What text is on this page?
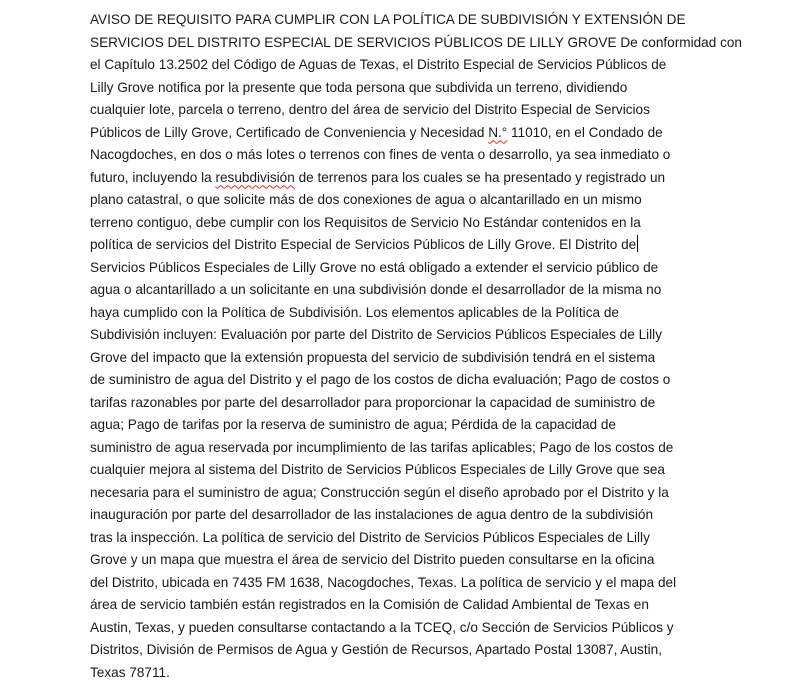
AVISO DE REQUISITO PARA CUMPLIR CON LA POLÍTICA DE SUBDIVISIÓN Y EXTENSIÓN DE
SERVICIOS DEL DISTRITO ESPECIAL DE SERVICIOS PÚBLICOS DE LILLY GROVE De conformidad con
el Capítulo 13.2502 del Código de Aguas de Texas, el Distrito Especial de Servicios Públicos de
Lilly Grove notifica por la presente que toda persona que subdivida un terreno, dividiendo
cualquier lote, parcela o terreno, dentro del área de servicio del Distrito Especial de Servicios
Públicos de Lilly Grove, Certificado de Conveniencia y Necesidad N.° 11010, en el Condado de
Nacogdoches, en dos o más lotes o terrenos con fines de venta o desarrollo, ya sea inmediato o
futuro, incluyendo la resubdivisión de terrenos para los cuales se ha presentado y registrado un
plano catastral, o que solicite más de dos conexiones de agua o alcantarillado en un mismo
terreno contiguo, debe cumplir con los Requisitos de Servicio No Estándar contenidos en la
política de servicios del Distrito Especial de Servicios Públicos de Lilly Grove. El Distrito de
Servicios Públicos Especiales de Lilly Grove no está obligado a extender el servicio público de
agua o alcantarillado a un solicitante en una subdivisión donde el desarrollador de la misma no
haya cumplido con la Política de Subdivisión. Los elementos aplicables de la Política de
Subdivisión incluyen: Evaluación por parte del Distrito de Servicios Públicos Especiales de Lilly
Grove del impacto que la extensión propuesta del servicio de subdivisión tendrá en el sistema
de suministro de agua del Distrito y el pago de los costos de dicha evaluación; Pago de costos o
tarifas razonables por parte del desarrollador para proporcionar la capacidad de suministro de
agua; Pago de tarifas por la reserva de suministro de agua; Pérdida de la capacidad de
suministro de agua reservada por incumplimiento de las tarifas aplicables; Pago de los costos de
cualquier mejora al sistema del Distrito de Servicios Públicos Especiales de Lilly Grove que sea
necesaria para el suministro de agua; Construcción según el diseño aprobado por el Distrito y la
inauguración por parte del desarrollador de las instalaciones de agua dentro de la subdivisión
tras la inspección. La política de servicio del Distrito de Servicios Públicos Especiales de Lilly
Grove y un mapa que muestra el área de servicio del Distrito pueden consultarse en la oficina
del Distrito, ubicada en 7435 FM 1638, Nacogdoches, Texas. La política de servicio y el mapa del
área de servicio también están registrados en la Comisión de Calidad Ambiental de Texas en
Austin, Texas, y pueden consultarse contactando a la TCEQ, c/o Sección de Servicios Públicos y
Distritos, División de Permisos de Agua y Gestión de Recursos, Apartado Postal 13087, Austin,
Texas 78711.
